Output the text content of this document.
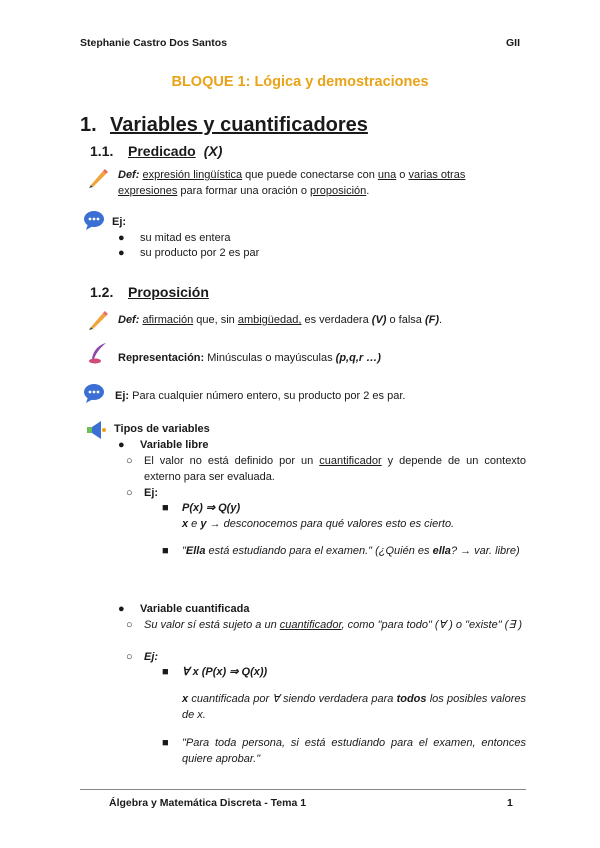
Stephanie Castro Dos Santos	GII
BLOQUE 1: Lógica y demostraciones
1. Variables y cuantificadores
1.1. Predicado (X)
Def: expresión lingüística que puede conectarse con una o varias otras
expresiones para formar una oración o proposición.
Ej:
● su mitad es entera
● su producto por 2 es par
1.2. Proposición
Def: afirmación que, sin ambigüedad, es verdadera (V) o falsa (F).
Representación: Minúsculas o mayúsculas (p,q,r …)
Ej: Para cualquier número entero, su producto por 2 es par.
Tipos de variables
● Variable libre
○ El valor no está definido por un cuantificador y depende de un contexto externo para ser evaluada.
○ Ej:
■ P(x) ⇒ Q(y)
x e y → desconocemos para qué valores esto es cierto.
■ "Ella está estudiando para el examen." (¿Quién es ella? → var. libre)
● Variable cuantificada
○ Su valor sí está sujeto a un cuantificador, como "para todo" (∀ ) o "existe" (∃ )
○ Ej:
■ ∀ x (P(x) ⇒ Q(x))
x cuantificada por ∀ siendo verdadera para todos los posibles valores de x.
■ "Para toda persona, si está estudiando para el examen, entonces quiere aprobar."
Álgebra y Matemática Discreta - Tema 1	1
